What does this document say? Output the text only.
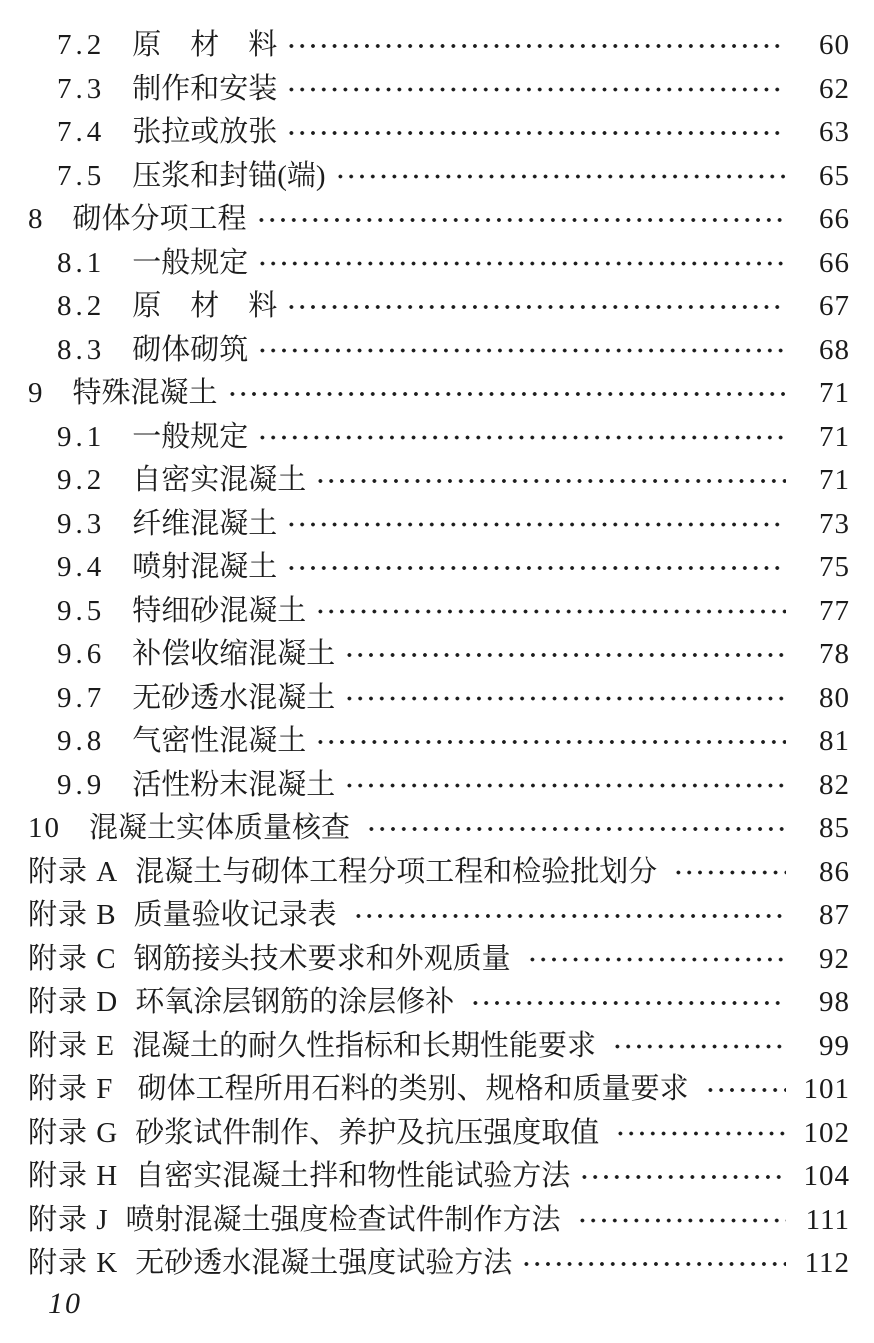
7.2 原　材　料	60
7.3 制作和安装	62
7.4 张拉或放张	63
7.5 压浆和封锚(端)	65
8 砌体分项工程	66
8.1 一般规定	66
8.2 原　材　料	67
8.3 砌体砌筑	68
9 特殊混凝土	71
9.1 一般规定	71
9.2 自密实混凝土	71
9.3 纤维混凝土	73
9.4 喷射混凝土	75
9.5 特细砂混凝土	77
9.6 补偿收缩混凝土	78
9.7 无砂透水混凝土	80
9.8 气密性混凝土	81
9.9 活性粉末混凝土	82
10 混凝土实体质量核查	85
附录 A 混凝土与砌体工程分项工程和检验批划分	86
附录 B 质量验收记录表	87
附录 C 钢筋接头技术要求和外观质量	92
附录 D 环氧涂层钢筋的涂层修补	98
附录 E 混凝土的耐久性指标和长期性能要求	99
附录 F 砌体工程所用石料的类别、规格和质量要求	101
附录 G 砂浆试件制作、养护及抗压强度取值	102
附录 H 自密实混凝土拌和物性能试验方法	104
附录 J 喷射混凝土强度检查试件制作方法	111
附录 K 无砂透水混凝土强度试验方法	112
10
